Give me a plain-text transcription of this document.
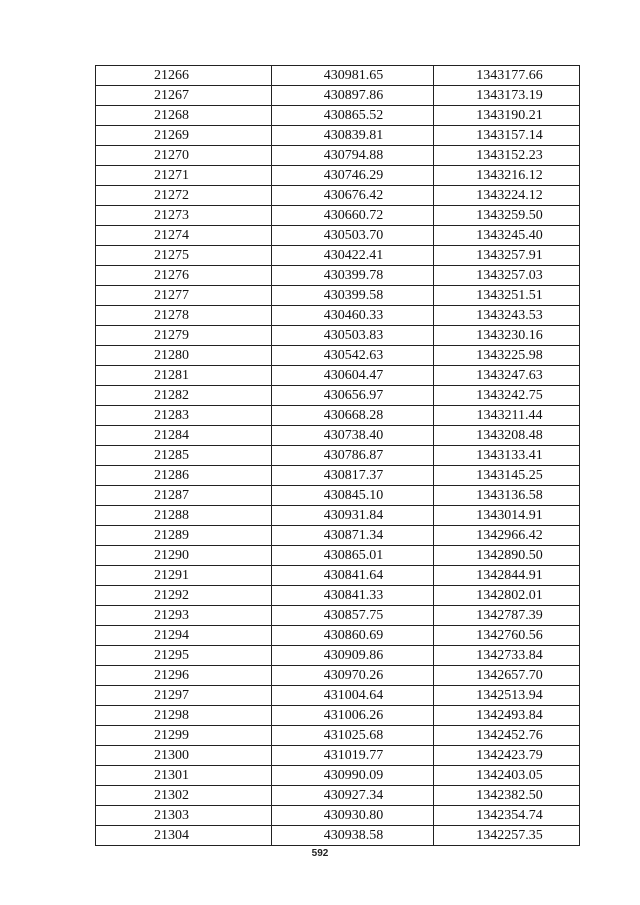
21266	430981.65	1343177.66
21267	430897.86	1343173.19
21268	430865.52	1343190.21
21269	430839.81	1343157.14
21270	430794.88	1343152.23
21271	430746.29	1343216.12
21272	430676.42	1343224.12
21273	430660.72	1343259.50
21274	430503.70	1343245.40
21275	430422.41	1343257.91
21276	430399.78	1343257.03
21277	430399.58	1343251.51
21278	430460.33	1343243.53
21279	430503.83	1343230.16
21280	430542.63	1343225.98
21281	430604.47	1343247.63
21282	430656.97	1343242.75
21283	430668.28	1343211.44
21284	430738.40	1343208.48
21285	430786.87	1343133.41
21286	430817.37	1343145.25
21287	430845.10	1343136.58
21288	430931.84	1343014.91
21289	430871.34	1342966.42
21290	430865.01	1342890.50
21291	430841.64	1342844.91
21292	430841.33	1342802.01
21293	430857.75	1342787.39
21294	430860.69	1342760.56
21295	430909.86	1342733.84
21296	430970.26	1342657.70
21297	431004.64	1342513.94
21298	431006.26	1342493.84
21299	431025.68	1342452.76
21300	431019.77	1342423.79
21301	430990.09	1342403.05
21302	430927.34	1342382.50
21303	430930.80	1342354.74
21304	430938.58	1342257.35
592
